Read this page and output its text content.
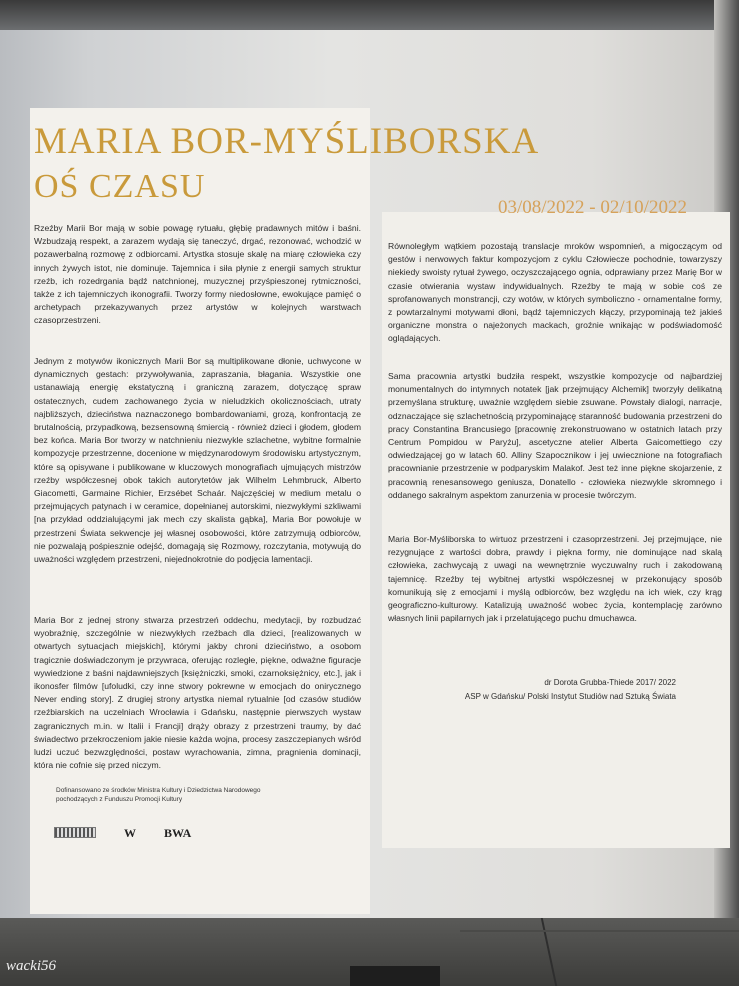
MARIA BOR-MYŚLIBORSKA
OŚ CZASU
03/08/2022 - 02/10/2022

Rzeźby Marii Bor mają w sobie powagę rytuału, głębię pradawnych mitów i baśni. Wzbudzają respekt, a zarazem wydają się taneczyć, drgać, rezonować, wchodzić w pozawerbalną rozmowę z odbiorcami. Artystka stosuje skalę na miarę człowieka czy innych żywych istot, nie dominuje. Tajemnica i siła płynie z energii samych struktur rzeźb, ich rozedrgania bądź natchnionej, muzycznej przyśpieszonej rytmiczności, także z ich tajemniczych ikonografii. Tworzy formy niedosłowne, ewokujące pamięć o archetypach przekazywanych przez artystów w kolejnych warstwach czasoprzestrzeni.

Jednym z motywów ikonicznych Marii Bor są multiplikowane dłonie, uchwycone w dynamicznych gestach: przywoływania, zapraszania, błagania. Wszystkie one ustanawiają energię ekstatyczną i graniczną zarazem, dotyczącę spraw ostatecznych, cudem zachowanego życia w nieludzkich okolicznościach, utraty najbliższych, dzieciństwa naznaczonego bombardowaniami, grozą, konfrontacją ze brutalnością, przypadkową, bezsensowną śmiercią - również dzieci i głodem, głodem bez końca. Maria Bor tworzy w natchnieniu niezwykle szlachetne, wybitne formalnie kompozycje przestrzenne, docenione w międzynarodowym środowisku artystycznym, które są opisywane i publikowane w kluczowych monografiach ujmujących mistrzów rzeźby współczesnej obok takich autorytetów jak Wilhelm Lehmbruck, Alberto Giacometti, Garmaine Richier, Erzsébet Schaár. Najczęściej w medium metalu o przejmujących patynach i w ceramice, dopełnianej autorskimi, niezwykłymi szkliwami [na przykład oddzialującymi jak mech czy skalista gąbka], Maria Bor powołuje w przestrzeni Świata sekwencje jej własnej osobowości, które zatrzymują odbiorców, nie pozwalają pośpiesznie odejść, domagają się Rozmowy, rozczytania, motywują do uważności względem przestrzeni, niejednokrotnie do podjęcia lamentacji.

Maria Bor z jednej strony stwarza przestrzeń oddechu, medytacji, by rozbudzać wyobraźnię, szczególnie w niezwykłych rzeźbach dla dzieci, [realizowanych w otwartych sytuacjach miejskich], którymi jakby chroni dzieciństwo, a osobom tragicznie doświadczonym je przywraca, oferując rozległe, piękne, odważne figuracje wywiedzione z baśni najdawniejszych [księżniczki, smoki, czarnoksiężnicy, etc.], jak i ikonosfer filmów [ufoludki, czy inne stwory pokrewne w emocjach do onirycznego Never ending story]. Z drugiej strony artystka niemal rytualnie [od czasów studiów rzeźbiarskich na uczelniach Wrocławia i Gdańsku, następnie pierwszych wystaw zagranicznych m.in. w Italii i Francji] drąży obrazy z przestrzeni traumy, by dać świadectwo przekroczeniom jakie niesie każda wojna, procesy zaszczepianych wśród ludzi uczuć bezwzględności, postaw wyrachowania, zimna, pragnienia dominacji, która nie cofnie się przed niczym.

Dofinansowano ze środków Ministra Kultury i Dziedzictwa Narodowego pochodzących z Funduszu Promocji Kultury
W BWA

Równoległym wątkiem pozostają translacje mroków wspomnień, a migoczącym od gestów i nerwowych faktur kompozycjom z cyklu Człowiecze pochodnie, towarzyszy niekiedy swoisty rytuał żywego, oczyszczającego ognia, odprawiany przez Marię Bor w czasie otwierania wystaw indywidualnych. Rzeźby te mają w sobie coś ze sprofanowanych monstrancji, czy wotów, w których symboliczno - ornamentalne formy, z powtarzalnymi motywami dłoni, bądź tajemniczych kłączy, przypominają też jakieś organiczne monstra o najeżonych mackach, groźnie wnikając w podświadomość oglądających.

Sama pracownia artystki budziła respekt, wszystkie kompozycje od najbardziej monumentalnych do intymnych notatek [jak przejmujący Alchemik] tworzyły delikatną przemyślana strukturę, uważnie względem siebie zsuwane. Powstały dialogi, narracje, odznaczające się szlachetnością przypominającę staranność budowania przestrzeni do pracy Constantina Brancusiego [pracownię zrekonstruowano w ostatnich latach przy Centrum Pompidou w Paryżu], ascetyczne atelier Alberta Gaicomettiego czy odwiedzającej go w latach 60. Alliny Szapocznikow i jej uwiecznione na fotografiach pracownianie przestrzenie w podparyskim Malakof. Jest też inne piękne skojarzenie, z pracownią renesansowego geniusza, Donatello - człowieka niezwykle skromnego i oddanego sakralnym aspektom zanurzenia w procesie twórczym.

Maria Bor-Myśliborska to wirtuoz przestrzeni i czasoprzestrzeni. Jej przejmujące, nie rezygnujące z wartości dobra, prawdy i piękna formy, nie dominujące nad skalą człowieka, zachwycają z uwagi na wewnętrznie wyczuwalny ruch i zakodowaną tajemnicę. Rzeźby tej wybitnej artystki współczesnej w przekonujący sposób komunikują się z emocjami i myślą odbiorców, bez względu na ich wiek, czy krąg geograficzno-kulturowy. Katalizują uważność wobec życia, kontemplację zarówno własnych linii papilarnych jak i przelatującego puchu dmuchawca.

dr Dorota Grubba-Thiede 2017/ 2022
ASP w Gdańsku/ Polski Instytut Studiów nad Sztuką Świata
wacki56
